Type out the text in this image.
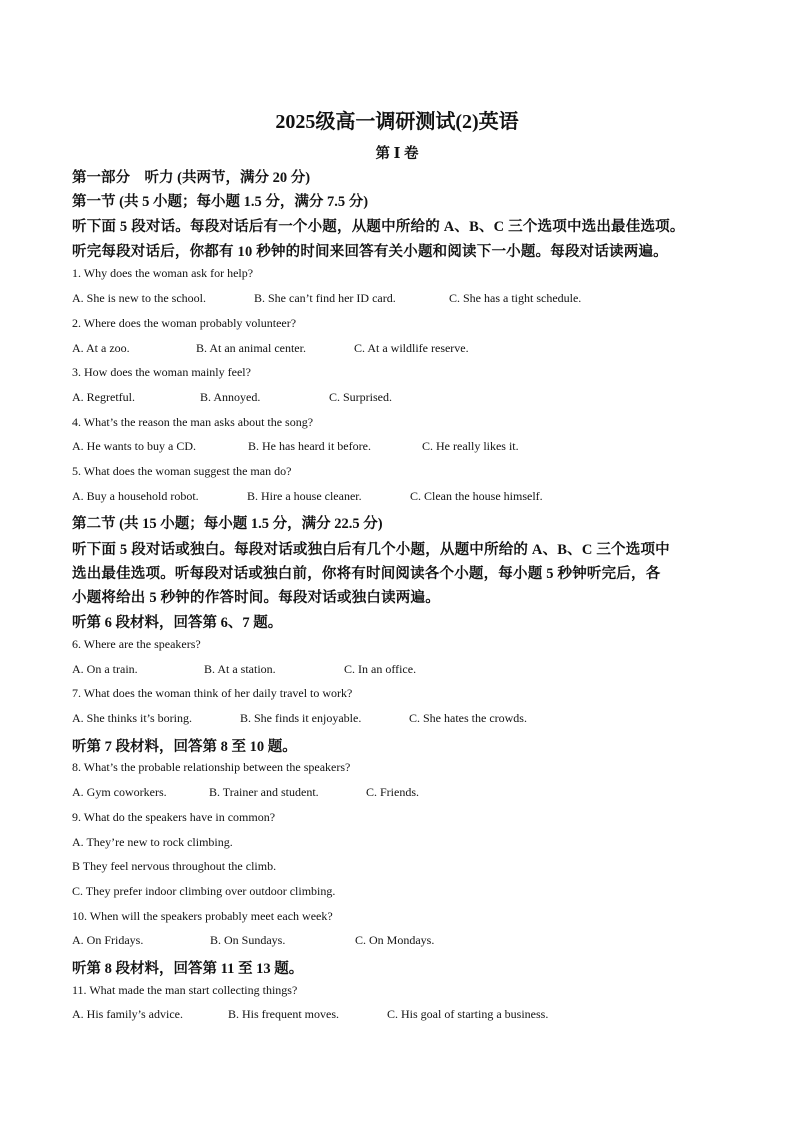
2025级高一调研测试(2)英语
第 Ⅰ 卷
第一部分　听力 (共两节，满分 20 分)
第一节 (共 5 小题；每小题 1.5 分，满分 7.5 分)
听下面 5 段对话。每段对话后有一个小题，从题中所给的 A、B、C 三个选项中选出最佳选项。
听完每段对话后，你都有 10 秒钟的时间来回答有关小题和阅读下一小题。每段对话读两遍。
1. Why does the woman ask for help?
A. She is new to the school.	B. She can’t find her ID card.	C. She has a tight schedule.
2. Where does the woman probably volunteer?
A. At a zoo.	B. At an animal center.	C. At a wildlife reserve.
3. How does the woman mainly feel?
A. Regretful.	B. Annoyed.	C. Surprised.
4. What’s the reason the man asks about the song?
A. He wants to buy a CD.	B. He has heard it before.	C. He really likes it.
5. What does the woman suggest the man do?
A. Buy a household robot.	B. Hire a house cleaner.	C. Clean the house himself.
第二节 (共 15 小题；每小题 1.5 分，满分 22.5 分)
听下面 5 段对话或独白。每段对话或独白后有几个小题，从题中所给的 A、B、C 三个选项中
选出最佳选项。听每段对话或独白前，你将有时间阅读各个小题，每小题 5 秒钟听完后，各
小题将给出 5 秒钟的作答时间。每段对话或独白读两遍。
听第 6 段材料，回答第 6、7 题。
6. Where are the speakers?
A. On a train.	B. At a station.	C. In an office.
7. What does the woman think of her daily travel to work?
A. She thinks it’s boring.	B. She finds it enjoyable.	C. She hates the crowds.
听第 7 段材料，回答第 8 至 10 题。
8. What’s the probable relationship between the speakers?
A. Gym coworkers.	B. Trainer and student.	C. Friends.
9. What do the speakers have in common?
A. They’re new to rock climbing.
B They feel nervous throughout the climb.
C. They prefer indoor climbing over outdoor climbing.
10. When will the speakers probably meet each week?
A. On Fridays.	B. On Sundays.	C. On Mondays.
听第 8 段材料，回答第 11 至 13 题。
11. What made the man start collecting things?
A. His family’s advice.	B. His frequent moves.	C. His goal of starting a business.
